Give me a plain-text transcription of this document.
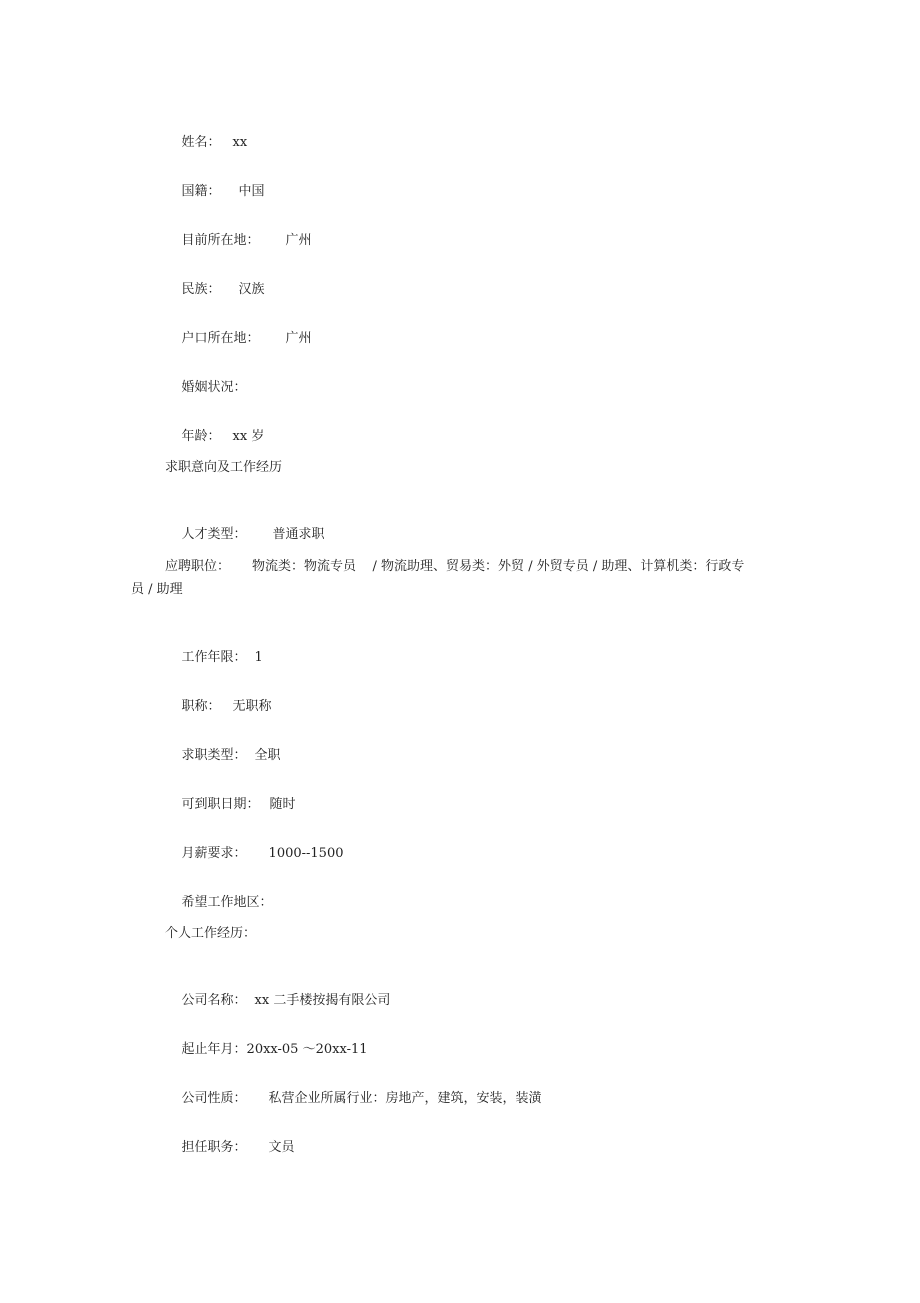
姓名： xx

国籍： 中国

目前所在地： 广州

民族： 汉族

户口所在地： 广州

婚姻状况：

年龄： xx 岁

求职意向及工作经历

人才类型： 普通求职

应聘职位： 物流类：物流专员    / 物流助理、贸易类：外贸 / 外贸专员 / 助理、计算机类：行政专员 / 助理

工作年限： 1

职称： 无职称

求职类型： 全职

可到职日期： 随时

月薪要求： 1000--1500

希望工作地区：

个人工作经历：

公司名称： xx 二手楼按揭有限公司

起止年月：20xx-05 ～20xx-11

公司性质： 私营企业所属行业：房地产，建筑，安装，装潢

担任职务： 文员
